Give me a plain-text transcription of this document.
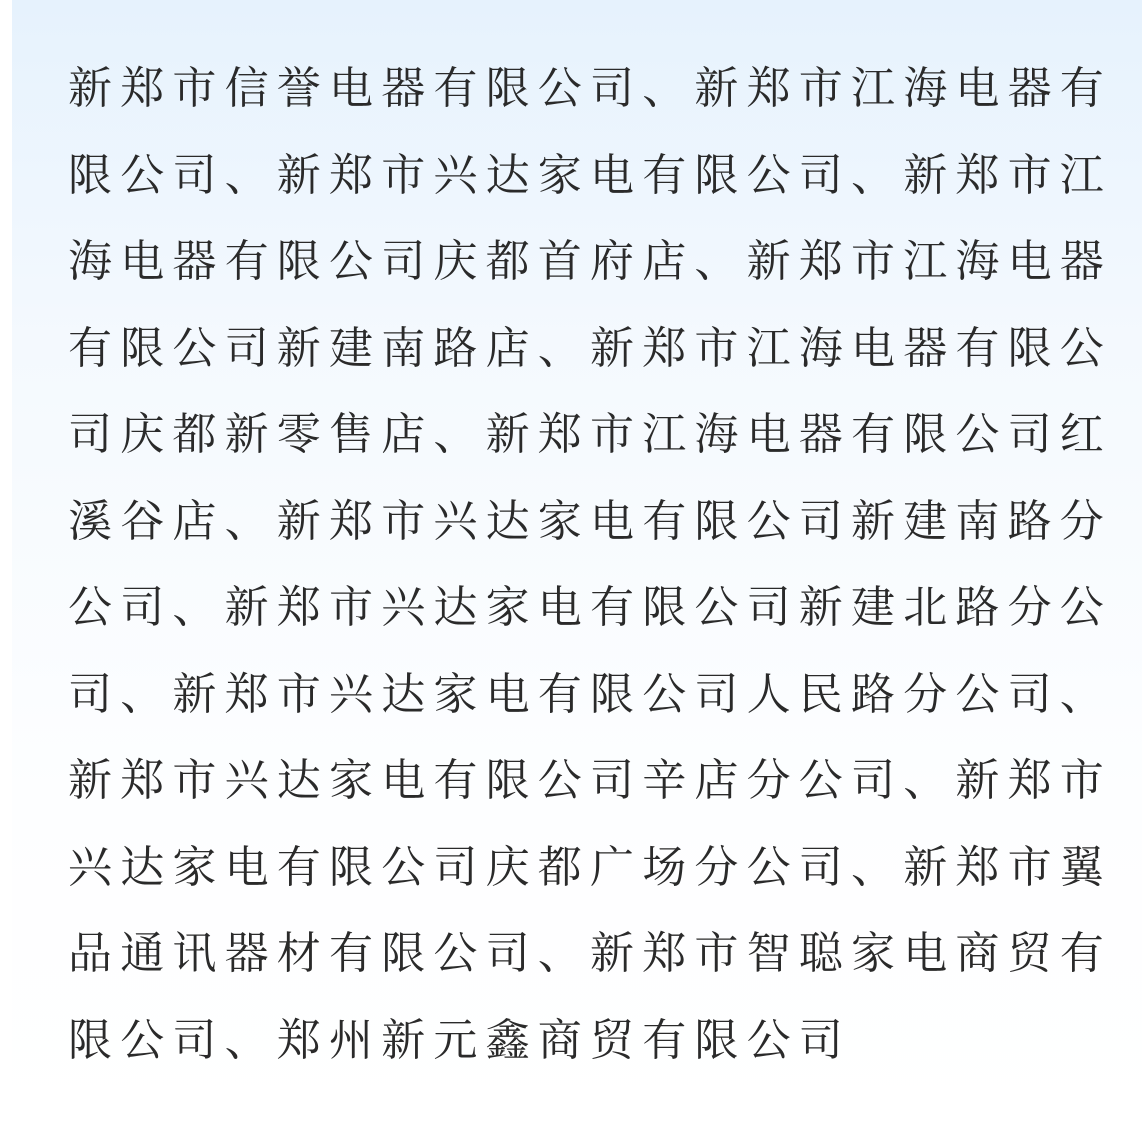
新郑市信誉电器有限公司、新郑市江海电器有
限公司、新郑市兴达家电有限公司、新郑市江
海电器有限公司庆都首府店、新郑市江海电器
有限公司新建南路店、新郑市江海电器有限公
司庆都新零售店、新郑市江海电器有限公司红
溪谷店、新郑市兴达家电有限公司新建南路分
公司、新郑市兴达家电有限公司新建北路分公
司、新郑市兴达家电有限公司人民路分公司、
新郑市兴达家电有限公司辛店分公司、新郑市
兴达家电有限公司庆都广场分公司、新郑市翼
品通讯器材有限公司、新郑市智聪家电商贸有
限公司、郑州新元鑫商贸有限公司
